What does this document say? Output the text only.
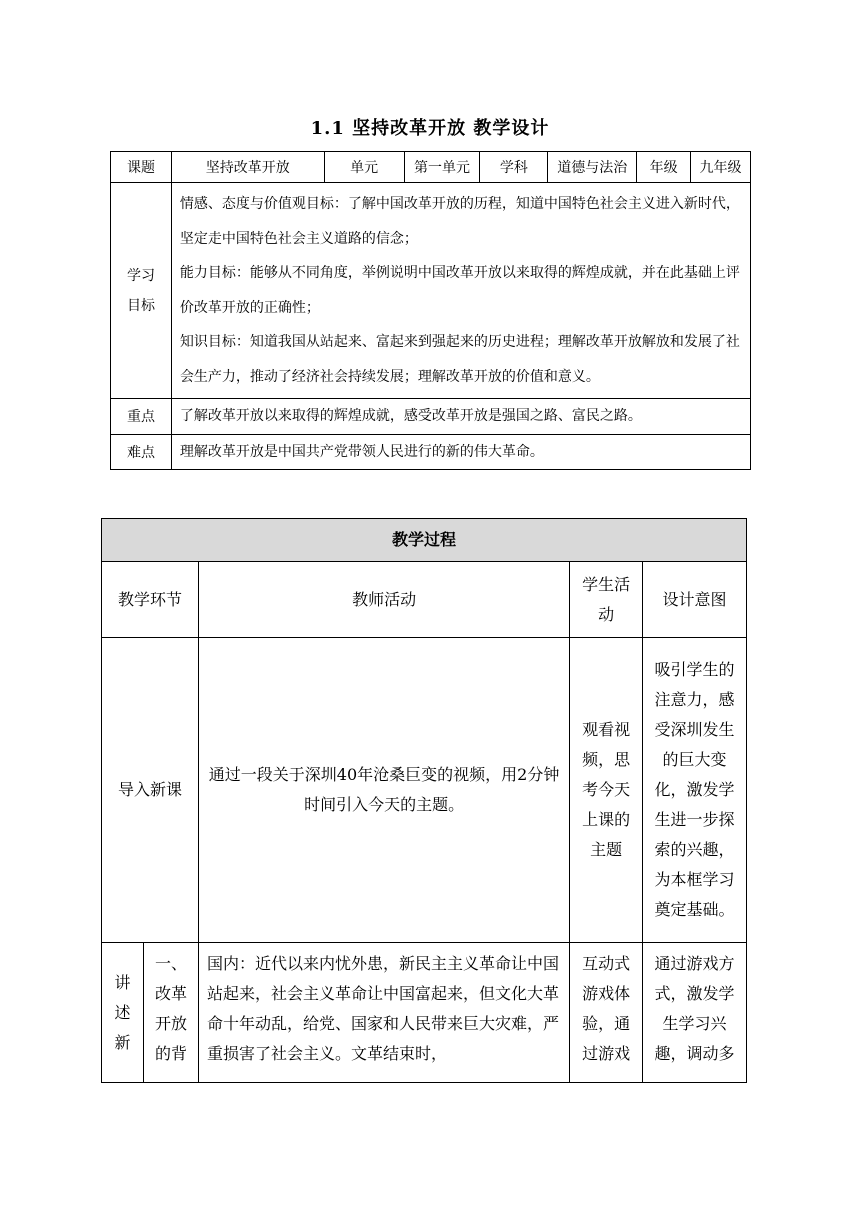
1.1 坚持改革开放 教学设计
课题	坚持改革开放	单元	第一单元	学科	道德与法治	年级	九年级

学习
目标	情感、态度与价值观目标：了解中国改革开放的历程，知道中国特色社会主义进入新时代，坚定走中国特色社会主义道路的信念；
能力目标：能够从不同角度，举例说明中国改革开放以来取得的辉煌成就，并在此基础上评价改革开放的正确性；
知识目标：知道我国从站起来、富起来到强起来的历史进程；理解改革开放解放和发展了社会生产力，推动了经济社会持续发展；理解改革开放的价值和意义。						

重点	了解改革开放以来取得的辉煌成就，感受改革开放是强国之路、富民之路。						
难点	理解改革开放是中国共产党带领人民进行的新的伟大革命。						
教学过程				
教学环节		教师活动	学生活动	设计意图
导入新课		通过一段关于深圳40年沧桑巨变的视频，用2分钟时间引入今天的主题。	观看视频，思考今天上课的主题	吸引学生的注意力，感受深圳发生的巨大变化，激发学生进一步探索的兴趣，为本框学习奠定基础。
讲述新	一、改革开放的背	国内：近代以来内忧外患，新民主主义革命让中国站起来，社会主义革命让中国富起来，但文化大革命十年动乱，给党、国家和人民带来巨大灾难，严重损害了社会主义。文革结束时，	互动式游戏体验，通过游戏	通过游戏方式，激发学生学习兴趣，调动多
